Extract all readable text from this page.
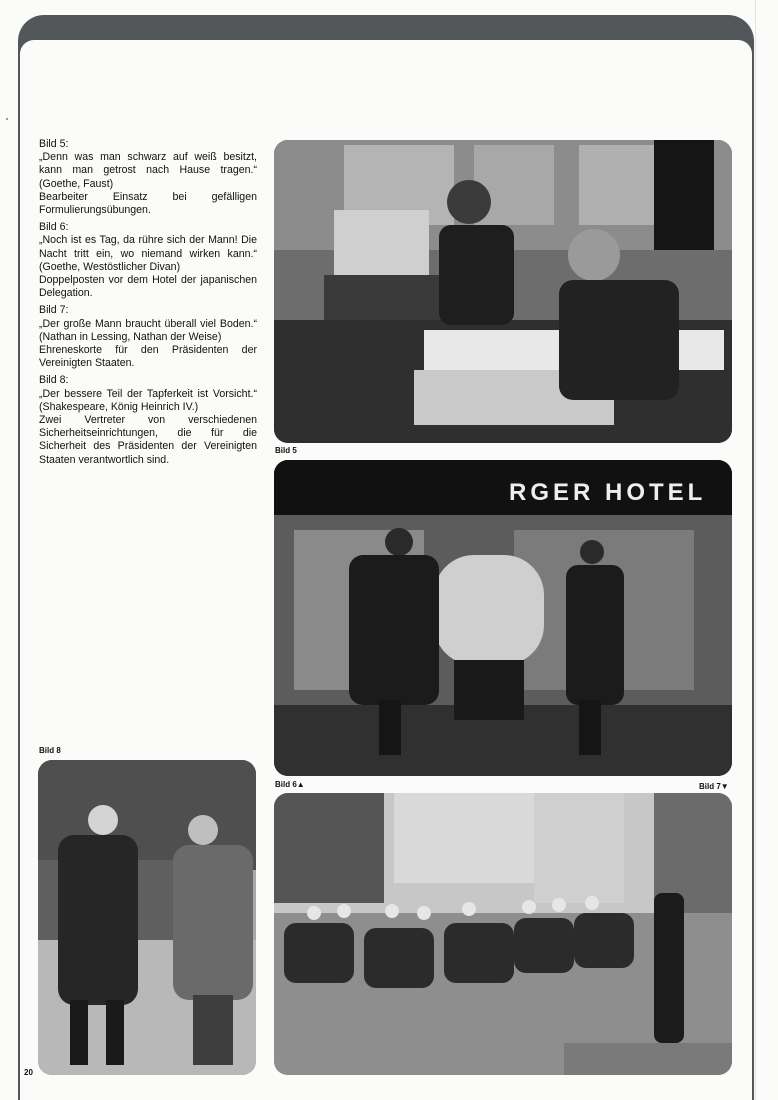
Bild 5:
„Denn was man schwarz auf weiß besitzt, kann man getrost nach Hause tragen.“ (Goethe, Faust)
Bearbeiter Einsatz bei gefälligen Formulierungsübungen.

Bild 6:
„Noch ist es Tag, da rühre sich der Mann! Die Nacht tritt ein, wo niemand wirken kann.“ (Goethe, Westöstlicher Divan)
Doppelposten vor dem Hotel der japanischen Delegation.

Bild 7:
„Der große Mann braucht überall viel Boden.“ (Nathan in Lessing, Nathan der Weise)
Ehreneskorte für den Präsidenten der Vereinigten Staaten.

Bild 8:
„Der bessere Teil der Tapferkeit ist Vorsicht.“ (Shakespeare, König Heinrich IV.)
Zwei Vertreter von verschiedenen Sicherheitseinrichtungen, die für die Sicherheit des Präsidenten der Vereinigten Staaten verantwortlich sind.

Bild 5
RGER HOTEL
Bild 6▲	Bild 7▼
Bild 8
20
